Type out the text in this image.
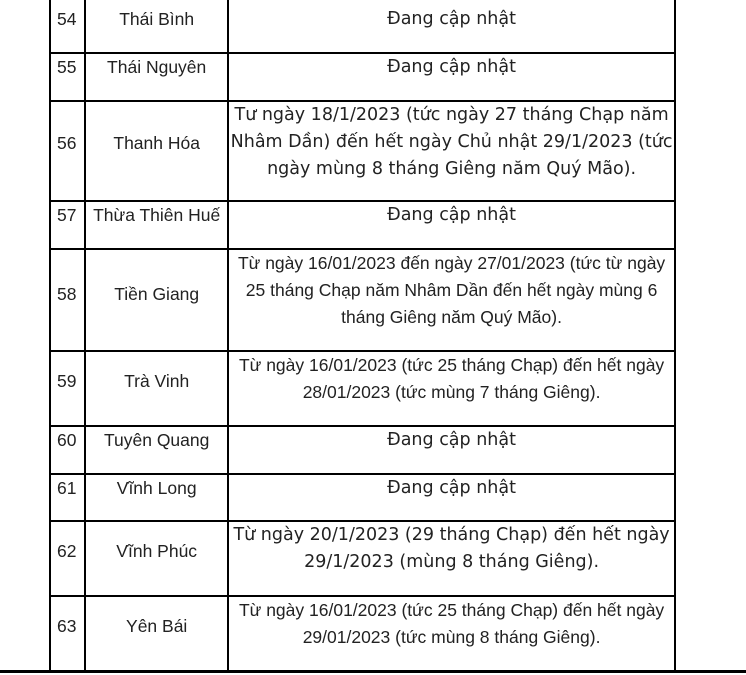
54	Thái Bình	Đang cập nhật
55	Thái Nguyên	Đang cập nhật
56	Thanh Hóa	Tư ngày 18/1/2023 (tức ngày 27 tháng Chạp năm Nhâm Dần) đến hết ngày Chủ nhật 29/1/2023 (tức ngày mùng 8 tháng Giêng năm Quý Mão).
57	Thừa Thiên Huế	Đang cập nhật
58	Tiền Giang	Từ ngày 16/01/2023 đến ngày 27/01/2023 (tức từ ngày 25 tháng Chạp năm Nhâm Dần đến hết ngày mùng 6 tháng Giêng năm Quý Mão).
59	Trà Vinh	Từ ngày 16/01/2023 (tức 25 tháng Chạp) đến hết ngày 28/01/2023 (tức mùng 7 tháng Giêng).
60	Tuyên Quang	Đang cập nhật
61	Vĩnh Long	Đang cập nhật
62	Vĩnh Phúc	Từ ngày 20/1/2023 (29 tháng Chạp) đến hết ngày 29/1/2023 (mùng 8 tháng Giêng).
63	Yên Bái	Từ ngày 16/01/2023 (tức 25 tháng Chạp) đến hết ngày 29/01/2023 (tức mùng 8 tháng Giêng).
